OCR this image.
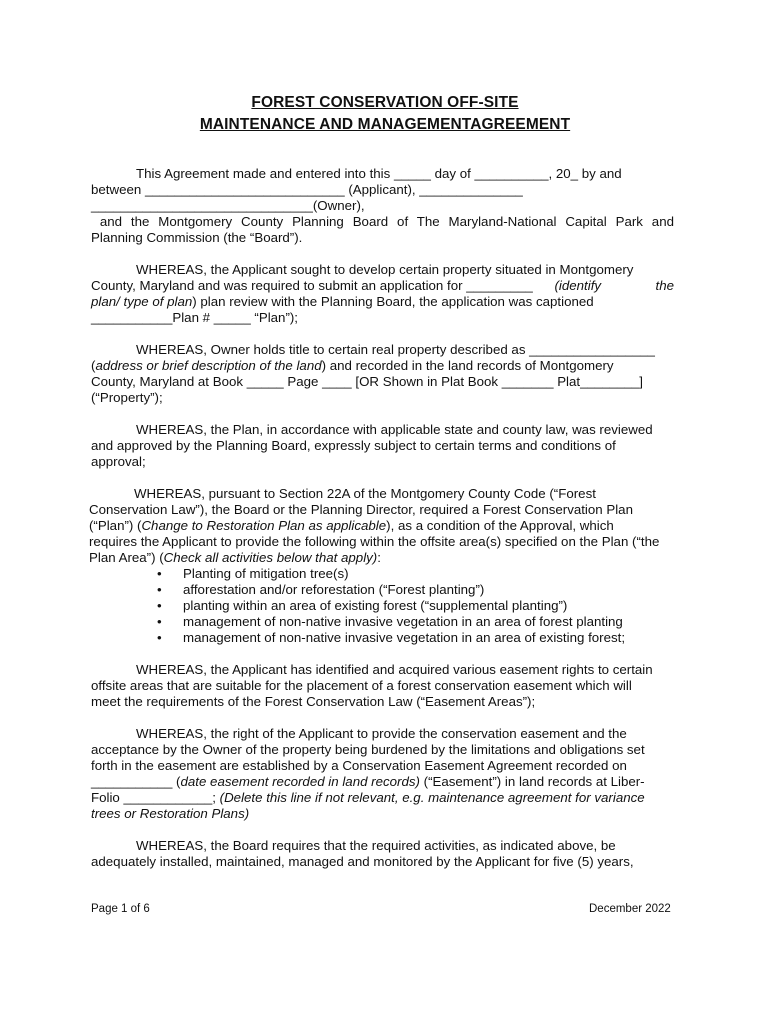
FOREST CONSERVATION OFF-SITE
MAINTENANCE AND MANAGEMENTAGREEMENT
This Agreement made and entered into this _____ day of __________, 20_ by and
between ___________________________ (Applicant), ______________
______________________________(Owner),
and the Montgomery County Planning Board of The Maryland-National Capital Park and
Planning Commission (the “Board”).
WHEREAS, the Applicant sought to develop certain property situated in Montgomery
County, Maryland and was required to submit an application for _________ (identify the
plan/ type of plan) plan review with the Planning Board, the application was captioned
___________Plan # _____ “Plan”);
WHEREAS, Owner holds title to certain real property described as _________________
(address or brief description of the land) and recorded in the land records of Montgomery
County, Maryland at Book _____ Page ____ [OR Shown in Plat Book _______ Plat________]
(“Property”);
WHEREAS, the Plan, in accordance with applicable state and county law, was reviewed
and approved by the Planning Board, expressly subject to certain terms and conditions of
approval;
WHEREAS, pursuant to Section 22A of the Montgomery County Code (“Forest
Conservation Law”), the Board or the Planning Director, required a Forest Conservation Plan
(“Plan”) (Change to Restoration Plan as applicable), as a condition of the Approval, which
requires the Applicant to provide the following within the offsite area(s) specified on the Plan (“the
Plan Area”) (Check all activities below that apply):
• Planting of mitigation tree(s)
• afforestation and/or reforestation (“Forest planting”)
• planting within an area of existing forest (“supplemental planting”)
• management of non-native invasive vegetation in an area of forest planting
• management of non-native invasive vegetation in an area of existing forest;
WHEREAS, the Applicant has identified and acquired various easement rights to certain
offsite areas that are suitable for the placement of a forest conservation easement which will
meet the requirements of the Forest Conservation Law (“Easement Areas”);
WHEREAS, the right of the Applicant to provide the conservation easement and the
acceptance by the Owner of the property being burdened by the limitations and obligations set
forth in the easement are established by a Conservation Easement Agreement recorded on
___________ (date easement recorded in land records) (“Easement”) in land records at Liber-
Folio ____________; (Delete this line if not relevant, e.g. maintenance agreement for variance
trees or Restoration Plans)
WHEREAS, the Board requires that the required activities, as indicated above, be
adequately installed, maintained, managed and monitored by the Applicant for five (5) years,
Page 1 of 6	December 2022
